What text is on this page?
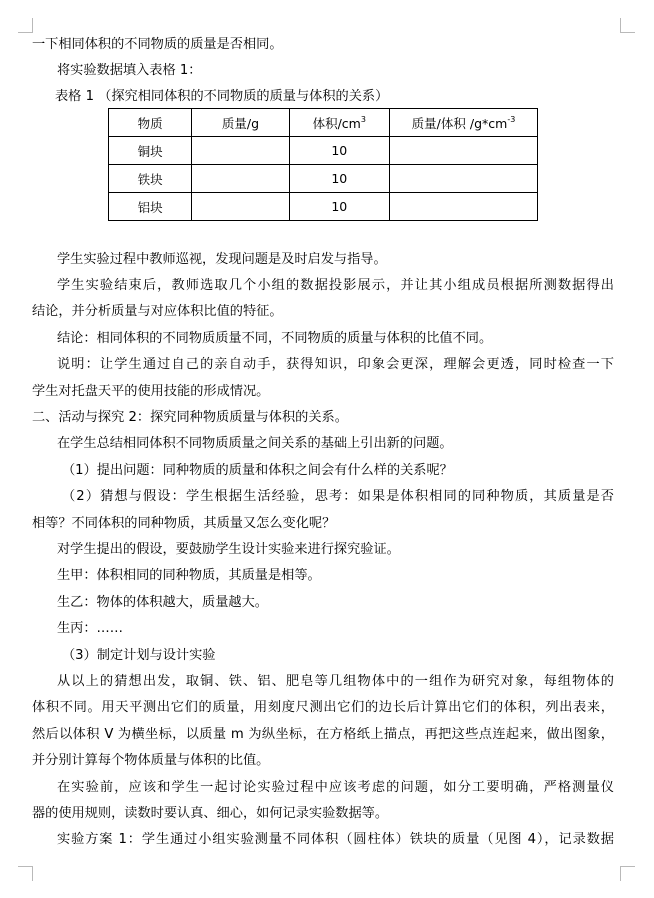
一下相同体积的不同物质的质量是否相同。
将实验数据填入表格 1：
表格 1 （探究相同体积的不同物质的质量与体积的关系）
物质	质量/g	体积$/cm^3$	质量/体积 $/g*cm^{-3}$
铜块		10	
铁块		10	
铝块		10	
学生实验过程中教师巡视，发现问题是及时启发与指导。
学生实验结束后，教师选取几个小组的数据投影展示，并让其小组成员根据所测数据得出
结论，并分析质量与对应体积比值的特征。
结论：相同体积的不同物质质量不同，不同物质的质量与体积的比值不同。
说明：让学生通过自己的亲自动手，获得知识，印象会更深，理解会更透，同时检查一下
学生对托盘天平的使用技能的形成情况。
二、活动与探究 2：探究同种物质质量与体积的关系。
在学生总结相同体积不同物质质量之间关系的基础上引出新的问题。
（1）提出问题：同种物质的质量和体积之间会有什么样的关系呢？
（2）猜想与假设：学生根据生活经验，思考：如果是体积相同的同种物质，其质量是否
相等？不同体积的同种物质，其质量又怎么变化呢？
对学生提出的假设，要鼓励学生设计实验来进行探究验证。
生甲：体积相同的同种物质，其质量是相等。
生乙：物体的体积越大，质量越大。
生丙：……
（3）制定计划与设计实验
从以上的猜想出发，取铜、铁、铝、肥皂等几组物体中的一组作为研究对象，每组物体的
体积不同。用天平测出它们的质量，用刻度尺测出它们的边长后计算出它们的体积，列出表来，
然后以体积 V 为横坐标，以质量 m 为纵坐标，在方格纸上描点，再把这些点连起来，做出图象，
并分别计算每个物体质量与体积的比值。
在实验前，应该和学生一起讨论实验过程中应该考虑的问题，如分工要明确，严格测量仪
器的使用规则，读数时要认真、细心，如何记录实验数据等。
实验方案 1：学生通过小组实验测量不同体积（圆柱体）铁块的质量（见图 4），记录数据
